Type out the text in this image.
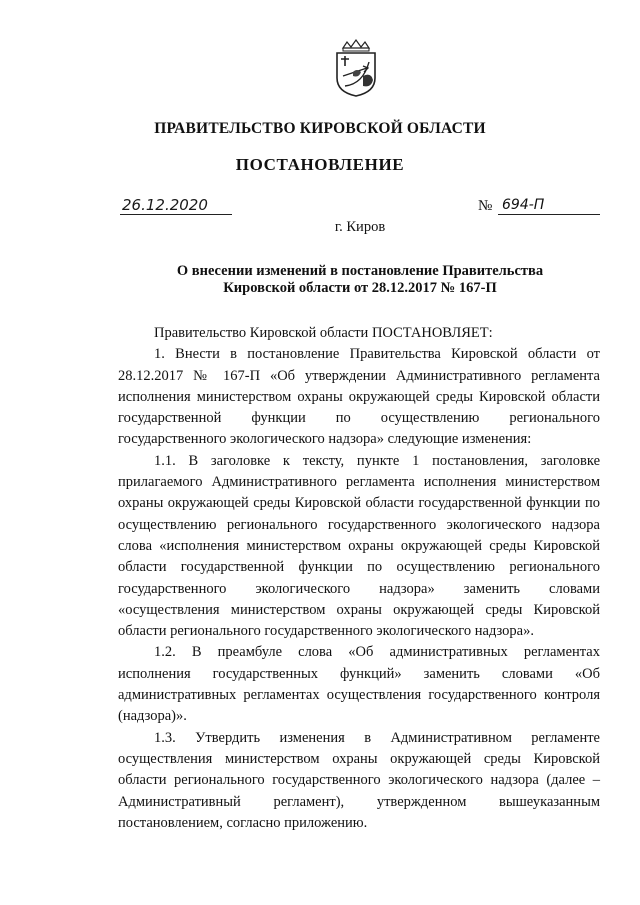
ПРАВИТЕЛЬСТВО КИРОВСКОЙ ОБЛАСТИ
ПОСТАНОВЛЕНИЕ
26.12.2020	№ 694-П
г. Киров
О внесении изменений в постановление Правительства
Кировской области от 28.12.2017 № 167-П

Правительство Кировской области ПОСТАНОВЛЯЕТ:

1. Внести в постановление Правительства Кировской области от 28.12.2017 № 167-П «Об утверждении Административного регламента исполнения министерством охраны окружающей среды Кировской области государственной функции по осуществлению регионального государственного экологического надзора» следующие изменения:

1.1. В заголовке к тексту, пункте 1 постановления, заголовке прилагаемого Административного регламента исполнения министерством охраны окружающей среды Кировской области государственной функции по осуществлению регионального государственного экологического надзора слова «исполнения министерством охраны окружающей среды Кировской области государственной функции по осуществлению регионального государственного экологического надзора» заменить словами «осуществления министерством охраны окружающей среды Кировской области регионального государственного экологического надзора».

1.2. В преамбуле слова «Об административных регламентах исполнения государственных функций» заменить словами «Об административных регламентах осуществления государственного контроля (надзора)».

1.3. Утвердить изменения в Административном регламенте осуществления министерством охраны окружающей среды Кировской области регионального государственного экологического надзора (далее – Административный регламент), утвержденном вышеуказанным постановлением, согласно приложению.
